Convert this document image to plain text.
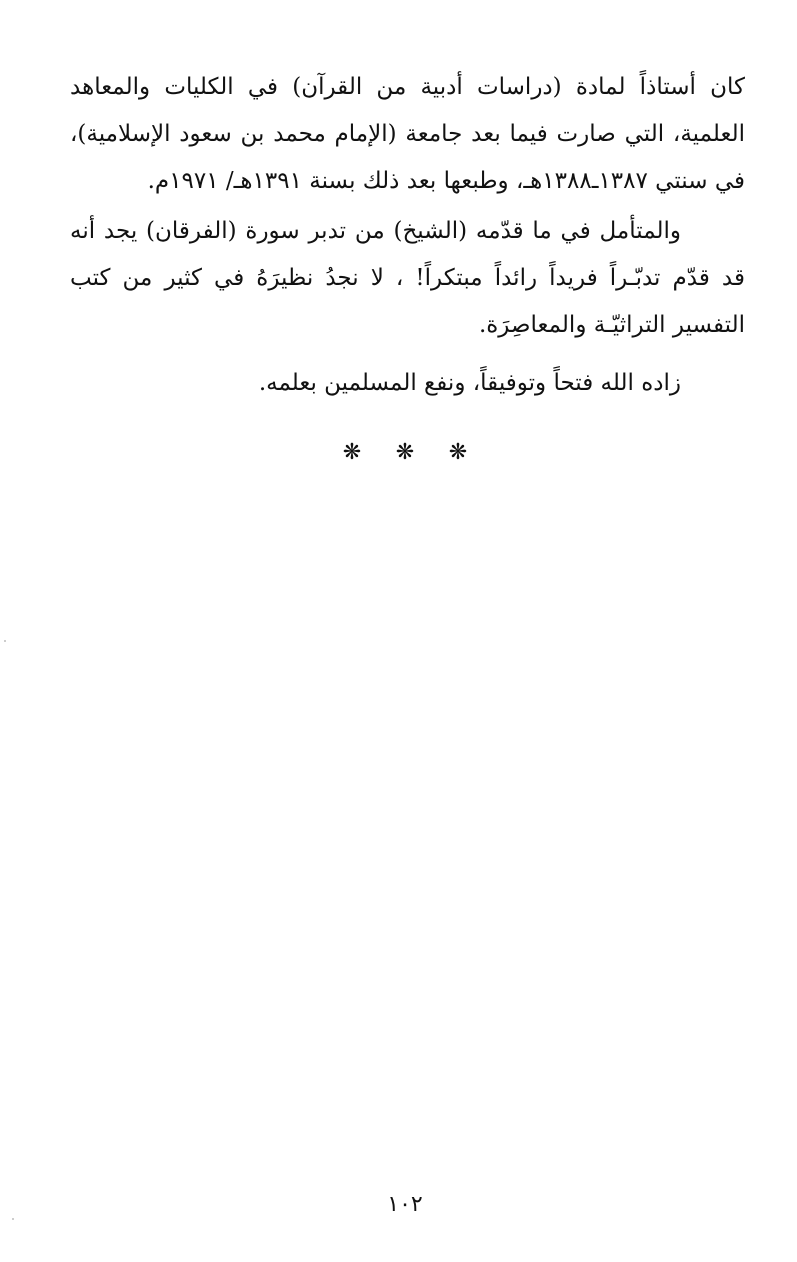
كان أستاذاً لمادة (دراسات أدبية من القرآن) في الكليات والمعاهد العلمية، التي صارت فيما بعد جامعة (الإمام محمد بن سعود الإسلامية)، في سنتي ١٣٨٧ـ١٣٨٨هـ، وطبعها بعد ذلك بسنة ١٣٩١هـ/ ١٩٧١م.

والمتأمل في ما قدّمه (الشيخ) من تدبر سورة (الفرقان) يجد أنه قد قدّم تدبّـراً فريداً رائداً مبتكراً! ، لا نجدُ نظيرَهُ في كثير من كتب التفسير التراثيّـة والمعاصِرَة.

زاده الله فتحاً وتوفيقاً، ونفع المسلمين بعلمه.

❋ ❋ ❋
١٠٢
